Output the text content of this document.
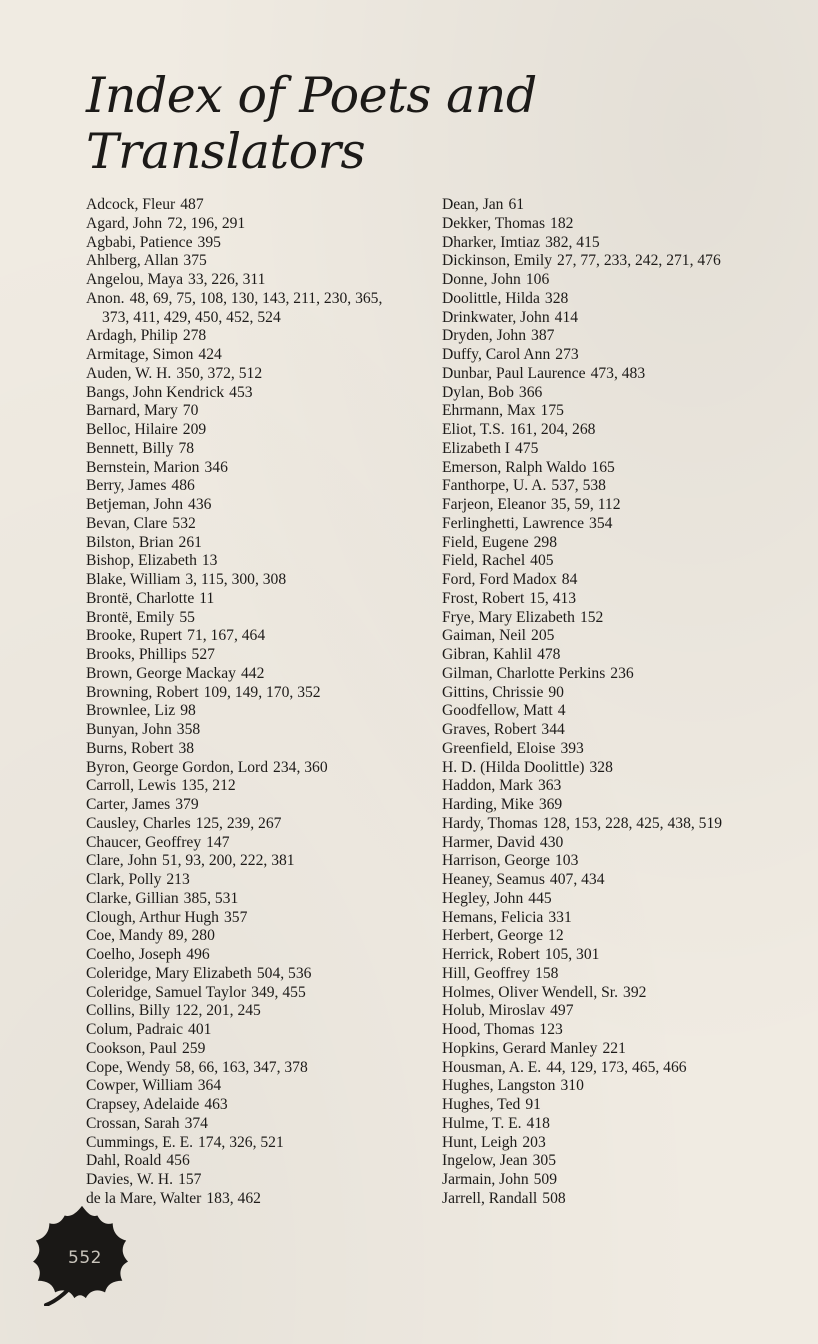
Index of Poets and Translators
Adcock, Fleur 487
Agard, John 72, 196, 291
Agbabi, Patience 395
Ahlberg, Allan 375
Angelou, Maya 33, 226, 311
Anon. 48, 69, 75, 108, 130, 143, 211, 230, 365,
373, 411, 429, 450, 452, 524
Ardagh, Philip 278
Armitage, Simon 424
Auden, W. H. 350, 372, 512
Bangs, John Kendrick 453
Barnard, Mary 70
Belloc, Hilaire 209
Bennett, Billy 78
Bernstein, Marion 346
Berry, James 486
Betjeman, John 436
Bevan, Clare 532
Bilston, Brian 261
Bishop, Elizabeth 13
Blake, William 3, 115, 300, 308
Brontë, Charlotte 11
Brontë, Emily 55
Brooke, Rupert 71, 167, 464
Brooks, Phillips 527
Brown, George Mackay 442
Browning, Robert 109, 149, 170, 352
Brownlee, Liz 98
Bunyan, John 358
Burns, Robert 38
Byron, George Gordon, Lord 234, 360
Carroll, Lewis 135, 212
Carter, James 379
Causley, Charles 125, 239, 267
Chaucer, Geoffrey 147
Clare, John 51, 93, 200, 222, 381
Clark, Polly 213
Clarke, Gillian 385, 531
Clough, Arthur Hugh 357
Coe, Mandy 89, 280
Coelho, Joseph 496
Coleridge, Mary Elizabeth 504, 536
Coleridge, Samuel Taylor 349, 455
Collins, Billy 122, 201, 245
Colum, Padraic 401
Cookson, Paul 259
Cope, Wendy 58, 66, 163, 347, 378
Cowper, William 364
Crapsey, Adelaide 463
Crossan, Sarah 374
Cummings, E. E. 174, 326, 521
Dahl, Roald 456
Davies, W. H. 157
de la Mare, Walter 183, 462
Dean, Jan 61
Dekker, Thomas 182
Dharker, Imtiaz 382, 415
Dickinson, Emily 27, 77, 233, 242, 271, 476
Donne, John 106
Doolittle, Hilda 328
Drinkwater, John 414
Dryden, John 387
Duffy, Carol Ann 273
Dunbar, Paul Laurence 473, 483
Dylan, Bob 366
Ehrmann, Max 175
Eliot, T.S. 161, 204, 268
Elizabeth I 475
Emerson, Ralph Waldo 165
Fanthorpe, U. A. 537, 538
Farjeon, Eleanor 35, 59, 112
Ferlinghetti, Lawrence 354
Field, Eugene 298
Field, Rachel 405
Ford, Ford Madox 84
Frost, Robert 15, 413
Frye, Mary Elizabeth 152
Gaiman, Neil 205
Gibran, Kahlil 478
Gilman, Charlotte Perkins 236
Gittins, Chrissie 90
Goodfellow, Matt 4
Graves, Robert 344
Greenfield, Eloise 393
H. D. (Hilda Doolittle) 328
Haddon, Mark 363
Harding, Mike 369
Hardy, Thomas 128, 153, 228, 425, 438, 519
Harmer, David 430
Harrison, George 103
Heaney, Seamus 407, 434
Hegley, John 445
Hemans, Felicia 331
Herbert, George 12
Herrick, Robert 105, 301
Hill, Geoffrey 158
Holmes, Oliver Wendell, Sr. 392
Holub, Miroslav 497
Hood, Thomas 123
Hopkins, Gerard Manley 221
Housman, A. E. 44, 129, 173, 465, 466
Hughes, Langston 310
Hughes, Ted 91
Hulme, T. E. 418
Hunt, Leigh 203
Ingelow, Jean 305
Jarmain, John 509
Jarrell, Randall 508
552
